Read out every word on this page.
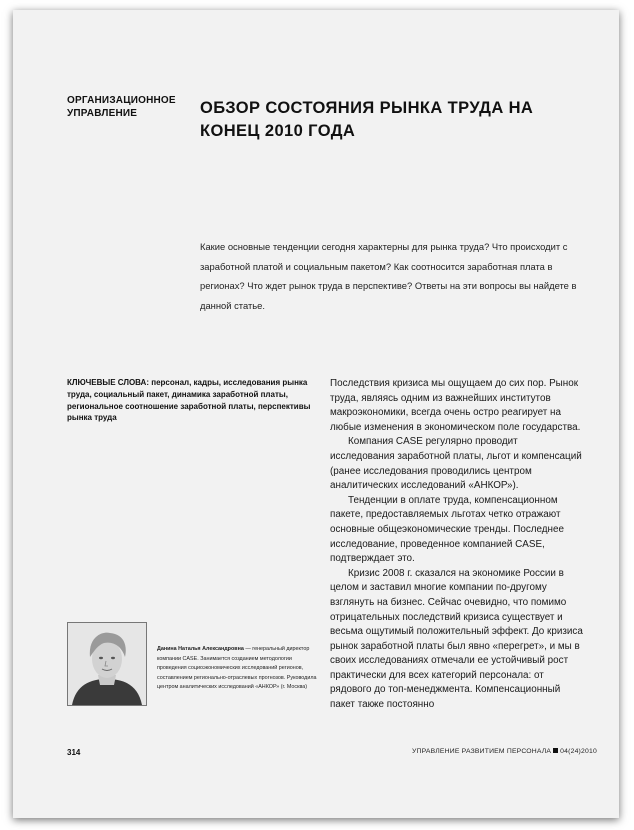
ОРГАНИЗАЦИОННОЕ УПРАВЛЕНИЕ	ОБЗОР СОСТОЯНИЯ РЫНКА ТРУДА НА КОНЕЦ 2010 ГОДА
Какие основные тенденции сегодня характерны для рынка труда? Что происходит с заработной платой и социальным пакетом? Как соотносится заработная плата в регионах? Что ждет рынок труда в перспективе? Ответы на эти вопросы вы найдете в данной статье.
КЛЮЧЕВЫЕ СЛОВА: персонал, кадры, исследования рынка труда, социальный пакет, динамика заработной платы, региональное соотношение заработной платы, перспективы рынка труда

Последствия кризиса мы ощущаем до сих пор. Рынок труда, являясь одним из важнейших институтов макроэкономики, всегда очень остро реагирует на любые изменения в экономическом поле государства.

Компания CASE регулярно проводит исследования заработной платы, льгот и компенсаций (ранее исследования проводились центром аналитических исследований «АНКОР»).

Тенденции в оплате труда, компенсационном пакете, предоставляемых льготах четко отражают основные общеэкономические тренды. Последнее исследование, проведенное компанией CASE, подтверждает это.

Кризис 2008 г. сказался на экономике России в целом и заставил многие компании по-другому взглянуть на бизнес. Сейчас очевидно, что помимо отрицательных последствий кризиса существует и весьма ощутимый положительный эффект. До кризиса рынок заработной платы был явно «перегрет», и мы в своих исследованиях отмечали ее устойчивый рост практически для всех категорий персонала: от рядового до топ-менеджмента. Компенсационный пакет также постоянно

Данина Наталья Александровна — генеральный директор компании CASE. Занимается созданием методологии проведения социоэкономических исследований регионов, составлением регионально-отраслевых прогнозов. Руководила центром аналитических исследований «АНКОР» (г. Москва)
314	УПРАВЛЕНИЕ РАЗВИТИЕМ ПЕРСОНАЛА 04(24)2010
